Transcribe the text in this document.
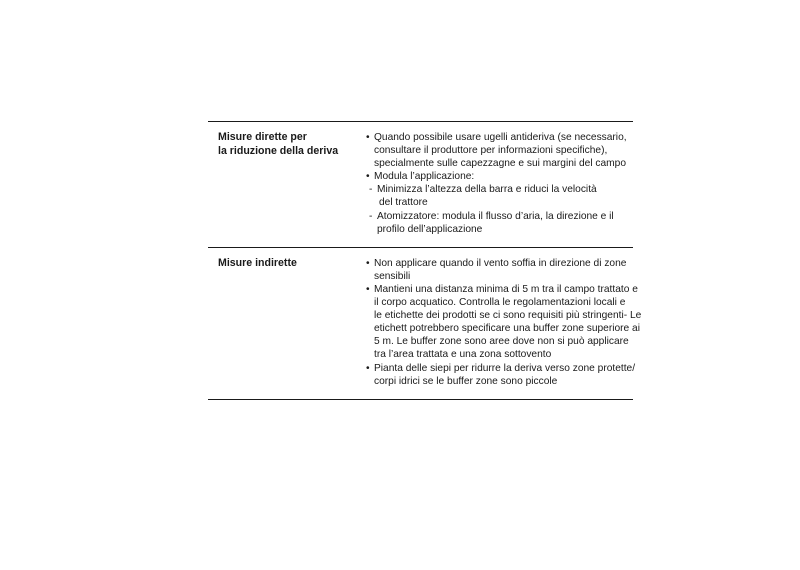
Misure dirette per
la riduzione della deriva
• Quando possibile usare ugelli antideriva (se necessario,
consultare il produttore per informazioni specifiche),
specialmente sulle capezzagne e sui margini del campo
• Modula l’applicazione:
- Minimizza l’altezza della barra e riduci la velocità
del trattore
- Atomizzatore: modula il flusso d’aria, la direzione e il
profilo dell’applicazione
Misure indirette	• Non applicare quando il vento soffia in direzione di zone
sensibili
• Mantieni una distanza minima di 5 m tra il campo trattato e
il corpo acquatico. Controlla le regolamentazioni locali e
le etichette dei prodotti se ci sono requisiti più stringenti- Le
etichett potrebbero specificare una buffer zone superiore ai
5 m. Le buffer zone sono aree dove non si può applicare
tra l’area trattata e una zona sottovento
• Pianta delle siepi per ridurre la deriva verso zone protette/
corpi idrici se le buffer zone sono piccole
